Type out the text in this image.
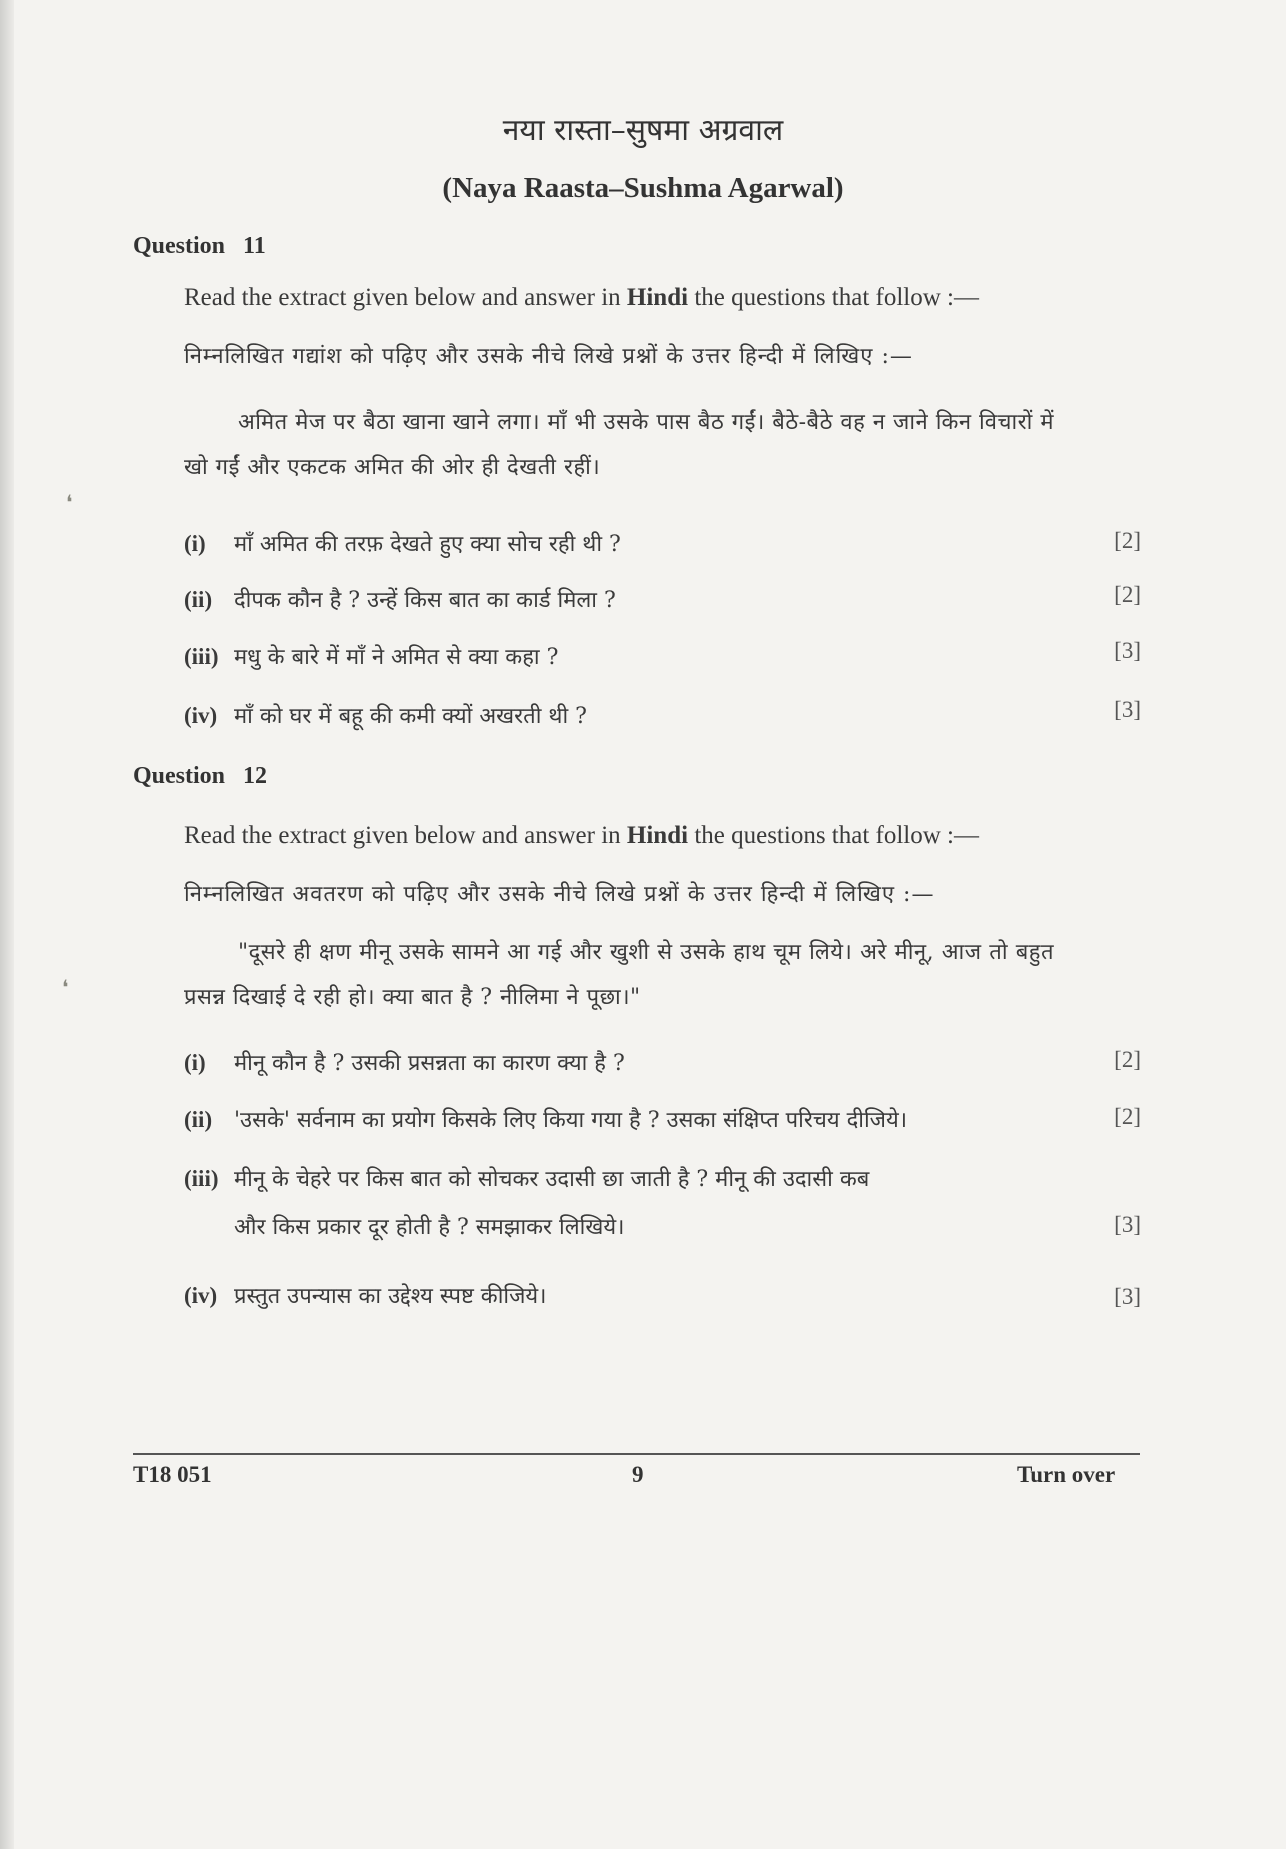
❛
❛
नया रास्ता–सुषमा अग्रवाल
(Naya Raasta–Sushma Agarwal)
Question 11
Read the extract given below and answer in Hindi the questions that follow :—
निम्नलिखित गद्यांश को पढ़िए और उसके नीचे लिखे प्रश्नों के उत्तर हिन्दी में लिखिए :—
अमित मेज पर बैठा खाना खाने लगा। माँ भी उसके पास बैठ गईं। बैठे-बैठे वह न जाने किन विचारों में खो गईं और एकटक अमित की ओर ही देखती रहीं।
(i) माँ अमित की तरफ़ देखते हुए क्या सोच रही थी ?	[2]
(ii) दीपक कौन है ? उन्हें किस बात का कार्ड मिला ?	[2]
(iii) मधु के बारे में माँ ने अमित से क्या कहा ?	[3]
(iv) माँ को घर में बहू की कमी क्यों अखरती थी ?	[3]
Question 12
Read the extract given below and answer in Hindi the questions that follow :—
निम्नलिखित अवतरण को पढ़िए और उसके नीचे लिखे प्रश्नों के उत्तर हिन्दी में लिखिए :—
"दूसरे ही क्षण मीनू उसके सामने आ गई और खुशी से उसके हाथ चूम लिये। अरे मीनू, आज तो बहुत प्रसन्न दिखाई दे रही हो। क्या बात है ? नीलिमा ने पूछा।"
(i) मीनू कौन है ? उसकी प्रसन्नता का कारण क्या है ?	[2]
(ii) 'उसके' सर्वनाम का प्रयोग किसके लिए किया गया है ? उसका संक्षिप्त परिचय दीजिये।	[2]
(iii) मीनू के चेहरे पर किस बात को सोचकर उदासी छा जाती है ? मीनू की उदासी कब
और किस प्रकार दूर होती है ? समझाकर लिखिये।	[3]
(iv) प्रस्तुत उपन्यास का उद्देश्य स्पष्ट कीजिये।	[3]
T18 051	9	Turn over
